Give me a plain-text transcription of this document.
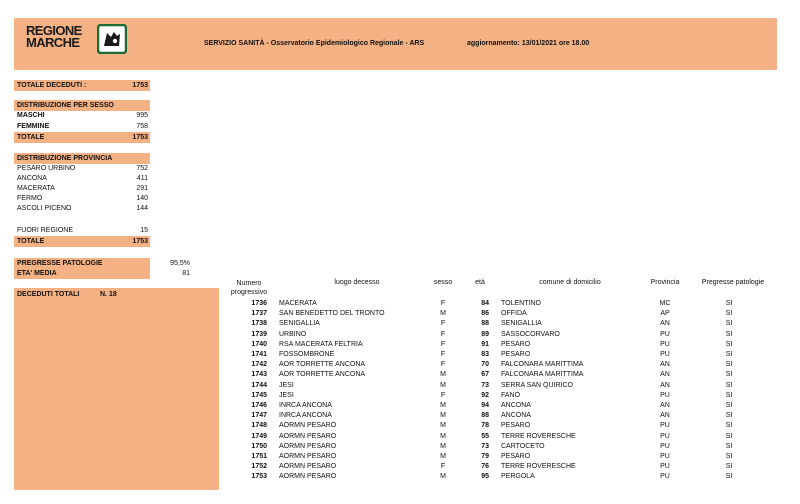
REGIONE
MARCHE	SERVIZIO SANITÀ - Osservatorio Epidemiologico Regionale - ARS	aggiornamento: 13/01/2021 ore 18.00
TOTALE DECEDUTI :	1753
DISTRIBUZIONE PER SESSO
MASCHI	995
FEMMINE	758
TOTALE	1753
DISTRIBUZIONE PROVINCIA
PESARO URBINO	752
ANCONA	411
MACERATA	291
FERMO	140
ASCOLI PICENO	144
FUORI REGIONE	15
TOTALE	1753
PREGRESSE PATOLOGIE	95,5%
ETA' MEDIA	81
DECEDUTI TOTALI	N. 18
Numero
progressivo
luogo decesso	sesso	età	comune di domicilio	Provincia	Pregresse patologie
1736 MACERATA	F	84 TOLENTINO	MC	SI
1737 SAN BENEDETTO DEL TRONTO	M	86 OFFIDA	AP	SI
1738 SENIGALLIA	F	88 SENIGALLIA	AN	SI
1739 URBINO	F	89 SASSOCORVARO	PU	SI
1740 RSA MACERATA FELTRIA	F	91 PESARO	PU	SI
1741 FOSSOMBRONE	F	83 PESARO	PU	SI
1742 AOR TORRETTE ANCONA	F	70 FALCONARA MARITTIMA	AN	SI
1743 AOR TORRETTE ANCONA	M	67 FALCONARA MARITTIMA	AN	SI
1744 JESI	M	73 SERRA SAN QUIRICO	AN	SI
1745 JESI	F	92 FANO	PU	SI
1746 INRCA ANCONA	M	94 ANCONA	AN	SI
1747 INRCA ANCONA	M	88 ANCONA	AN	SI
1748 AORMN PESARO	M	78 PESARO	PU	SI
1749 AORMN PESARO	M	55 TERRE ROVERESCHE	PU	SI
1750 AORMN PESARO	M	73 CARTOCETO	PU	SI
1751 AORMN PESARO	M	79 PESARO	PU	SI
1752 AORMN PESARO	F	76 TERRE ROVERESCHE	PU	SI
1753 AORMN PESARO	M	95 PERGOLA	PU	SI
